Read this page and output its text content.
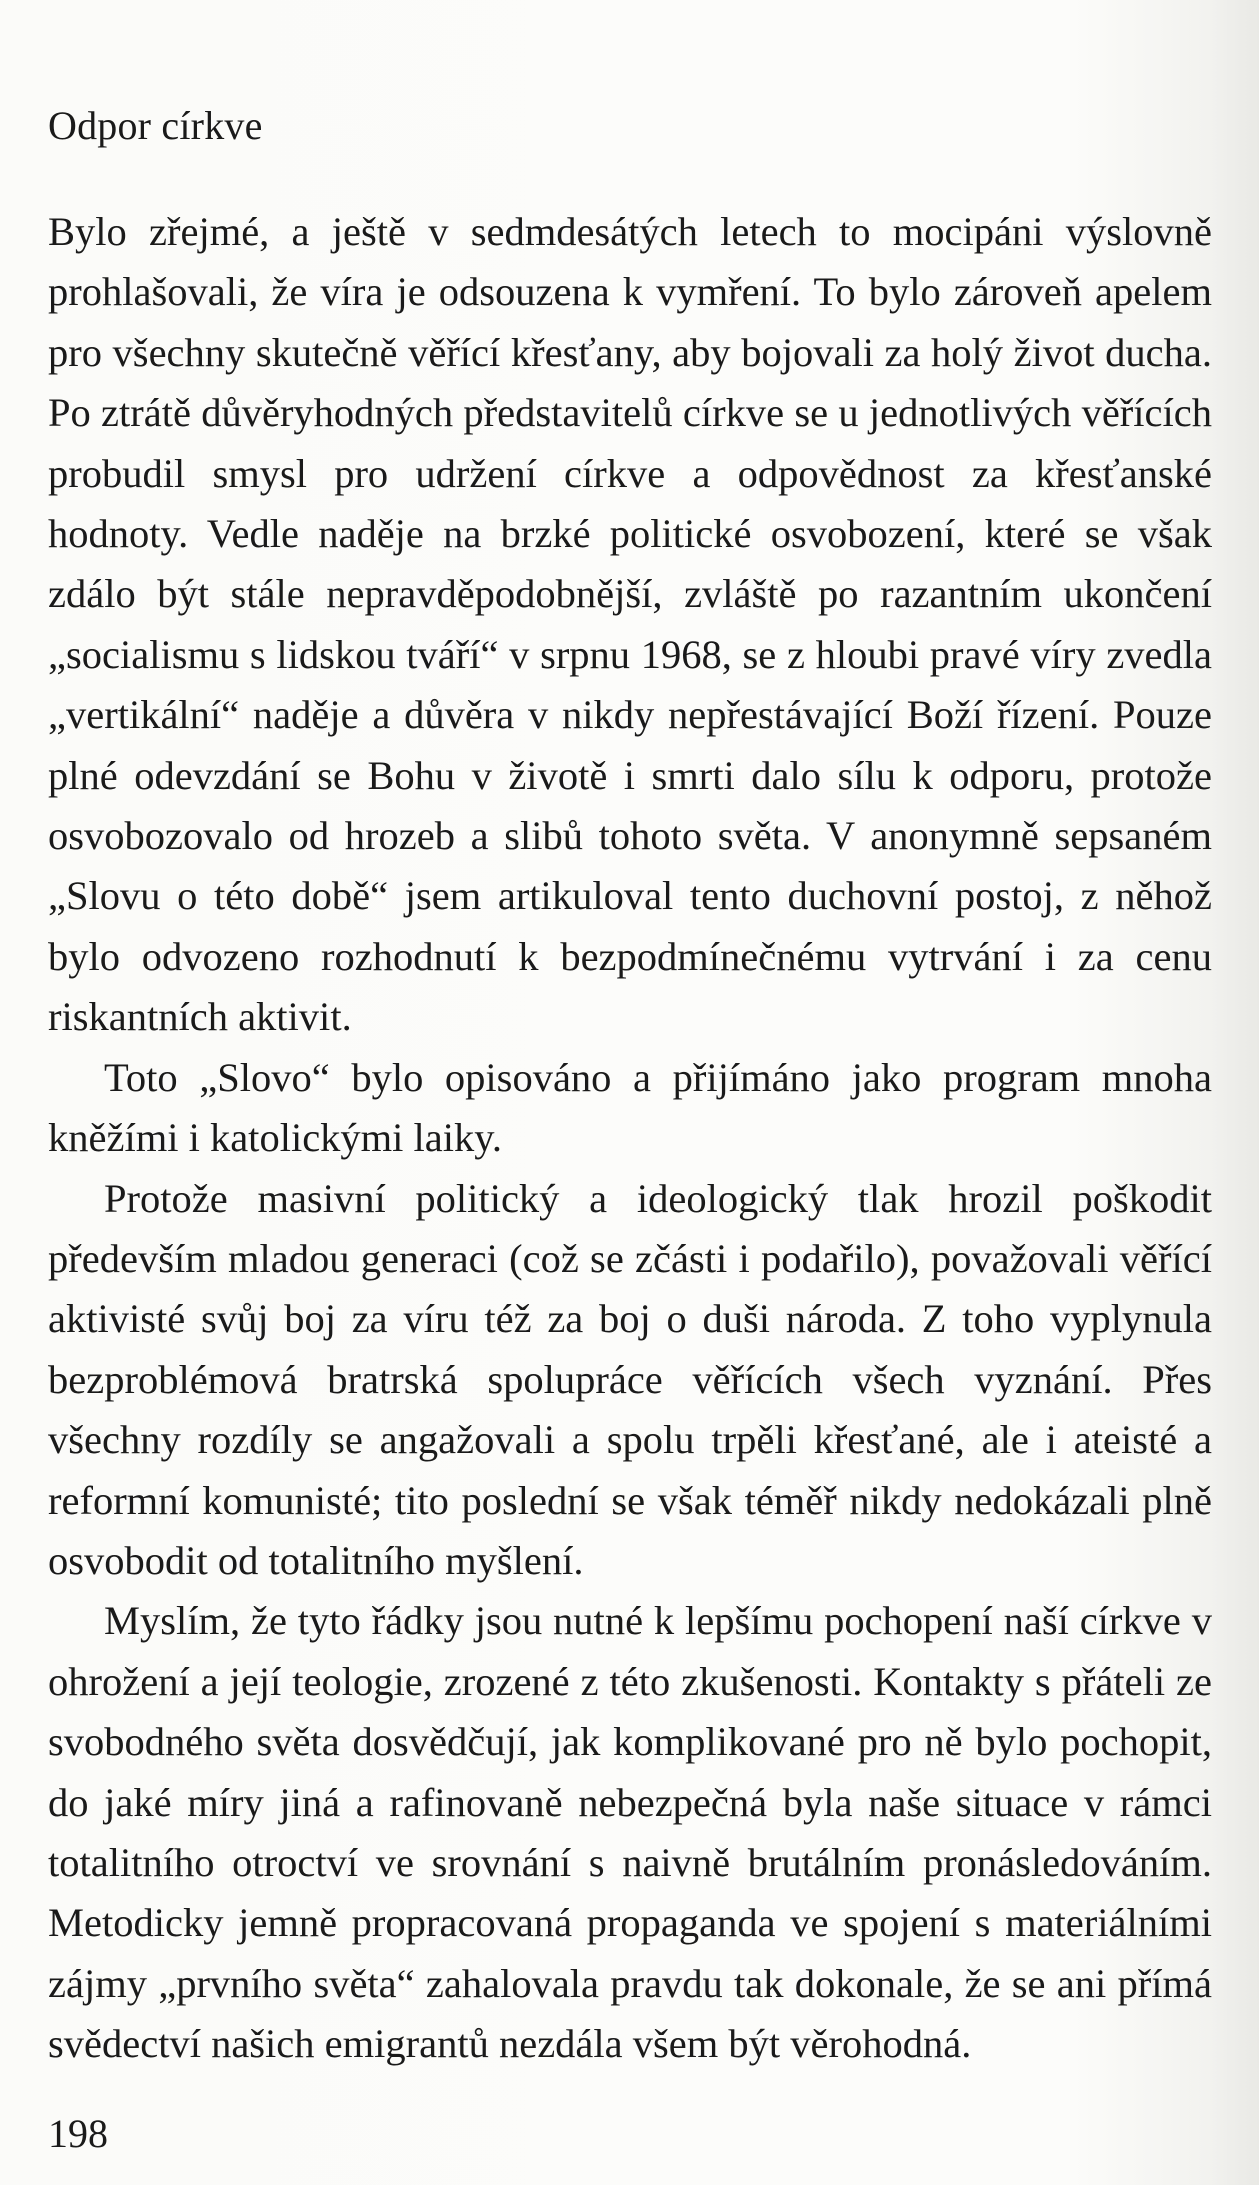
Odpor církve

Bylo zřejmé, a ještě v sedmdesátých letech to mocipáni výslovně prohlašovali, že víra je odsouzena k vymření. To bylo zároveň apelem pro všechny skutečně věřící křesťany, aby bojovali za holý život ducha. Po ztrátě důvěryhodných představitelů církve se u jednotlivých věřících probudil smysl pro udržení církve a odpovědnost za křesťanské hodnoty. Vedle naděje na brzké politické osvobození, které se však zdálo být stále nepravděpodobnější, zvláště po razantním ukončení „socialismu s lidskou tváří“ v srpnu 1968, se z hloubi pravé víry zvedla „vertikální“ naděje a důvěra v nikdy nepřestávající Boží řízení. Pouze plné odevzdání se Bohu v životě i smrti dalo sílu k odporu, protože osvobozovalo od hrozeb a slibů tohoto světa. V anonymně sepsaném „Slovu o této době“ jsem artikuloval tento duchovní postoj, z něhož bylo odvozeno rozhodnutí k bezpodmínečnému vytrvání i za cenu riskantních aktivit.

Toto „Slovo“ bylo opisováno a přijímáno jako program mnoha kněžími i katolickými laiky.

Protože masivní politický a ideologický tlak hrozil poškodit především mladou generaci (což se zčásti i podařilo), považovali věřící aktivisté svůj boj za víru též za boj o duši národa. Z toho vyplynula bezproblémová bratrská spolupráce věřících všech vyznání. Přes všechny rozdíly se angažovali a spolu trpěli křesťané, ale i ateisté a reformní komunisté; tito poslední se však téměř nikdy nedokázali plně osvobodit od totalitního myšlení.

Myslím, že tyto řádky jsou nutné k lepšímu pochopení naší církve v ohrožení a její teologie, zrozené z této zkušenosti. Kontakty s přáteli ze svobodného světa dosvědčují, jak komplikované pro ně bylo pochopit, do jaké míry jiná a rafinovaně nebezpečná byla naše situace v rámci totalitního otroctví ve srovnání s naivně brutálním pronásledováním. Metodicky jemně propracovaná propaganda ve spojení s materiálními zájmy „prvního světa“ zahalovala pravdu tak dokonale, že se ani přímá svědectví našich emigrantů nezdála všem být věrohodná.

198
